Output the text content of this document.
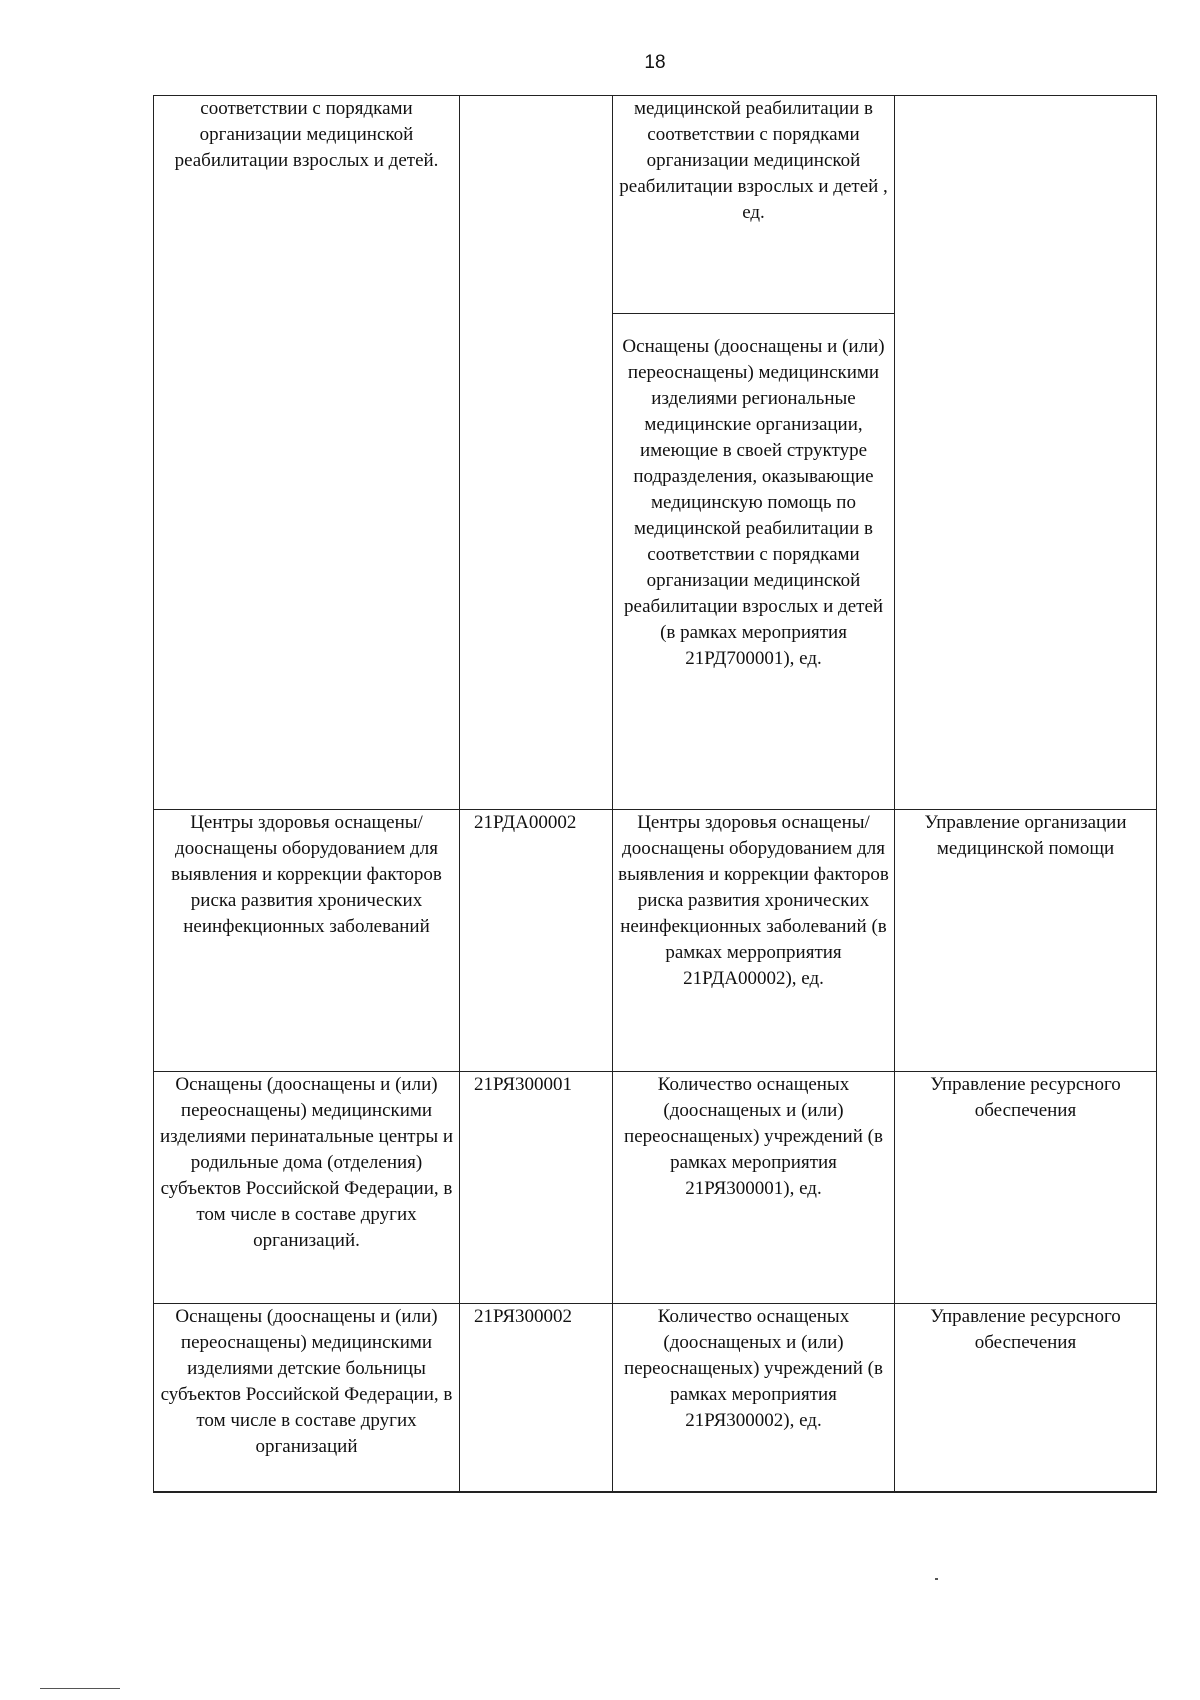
18
соответствии с порядками организации медицинской реабилитации взрослых и детей.		медицинской реабилитации в соответствии с порядками организации медицинской реабилитации взрослых и детей , ед.	
		Оснащены (дооснащены и (или) переоснащены) медицинскими изделиями региональные медицинские организации, имеющие в своей структуре подразделения, оказывающие медицинскую помощь по медицинской реабилитации в соответствии с порядками организации медицинской реабилитации взрослых и детей (в рамках мероприятия 21РД700001), ед.	
Центры здоровья оснащены/дооснащены оборудованием для выявления и коррекции факторов риска развития хронических неинфекционных заболеваний	21РДА00002	Центры здоровья оснащены/дооснащены оборудованием для выявления и коррекции факторов риска развития хронических неинфекционных заболеваний (в рамках мерроприятия 21РДА00002), ед.	Управление организации медицинской помощи
Оснащены (дооснащены и (или) переоснащены) медицинскими изделиями перинатальные центры и родильные дома (отделения) субъектов Российской Федерации, в том числе в составе других организаций.	21РЯ300001	Количество оснащеных (дооснащеных и (или) переоснащеных) учреждений (в рамках мероприятия 21РЯ300001), ед.	Управление ресурсного обеспечения
Оснащены (дооснащены и (или) переоснащены) медицинскими изделиями детские больницы субъектов Российской Федерации, в том числе в составе других организаций	21РЯ300002	Количество оснащеных (дооснащеных и (или) переоснащеных) учреждений (в рамках мероприятия 21РЯ300002), ед.	Управление ресурсного обеспечения
